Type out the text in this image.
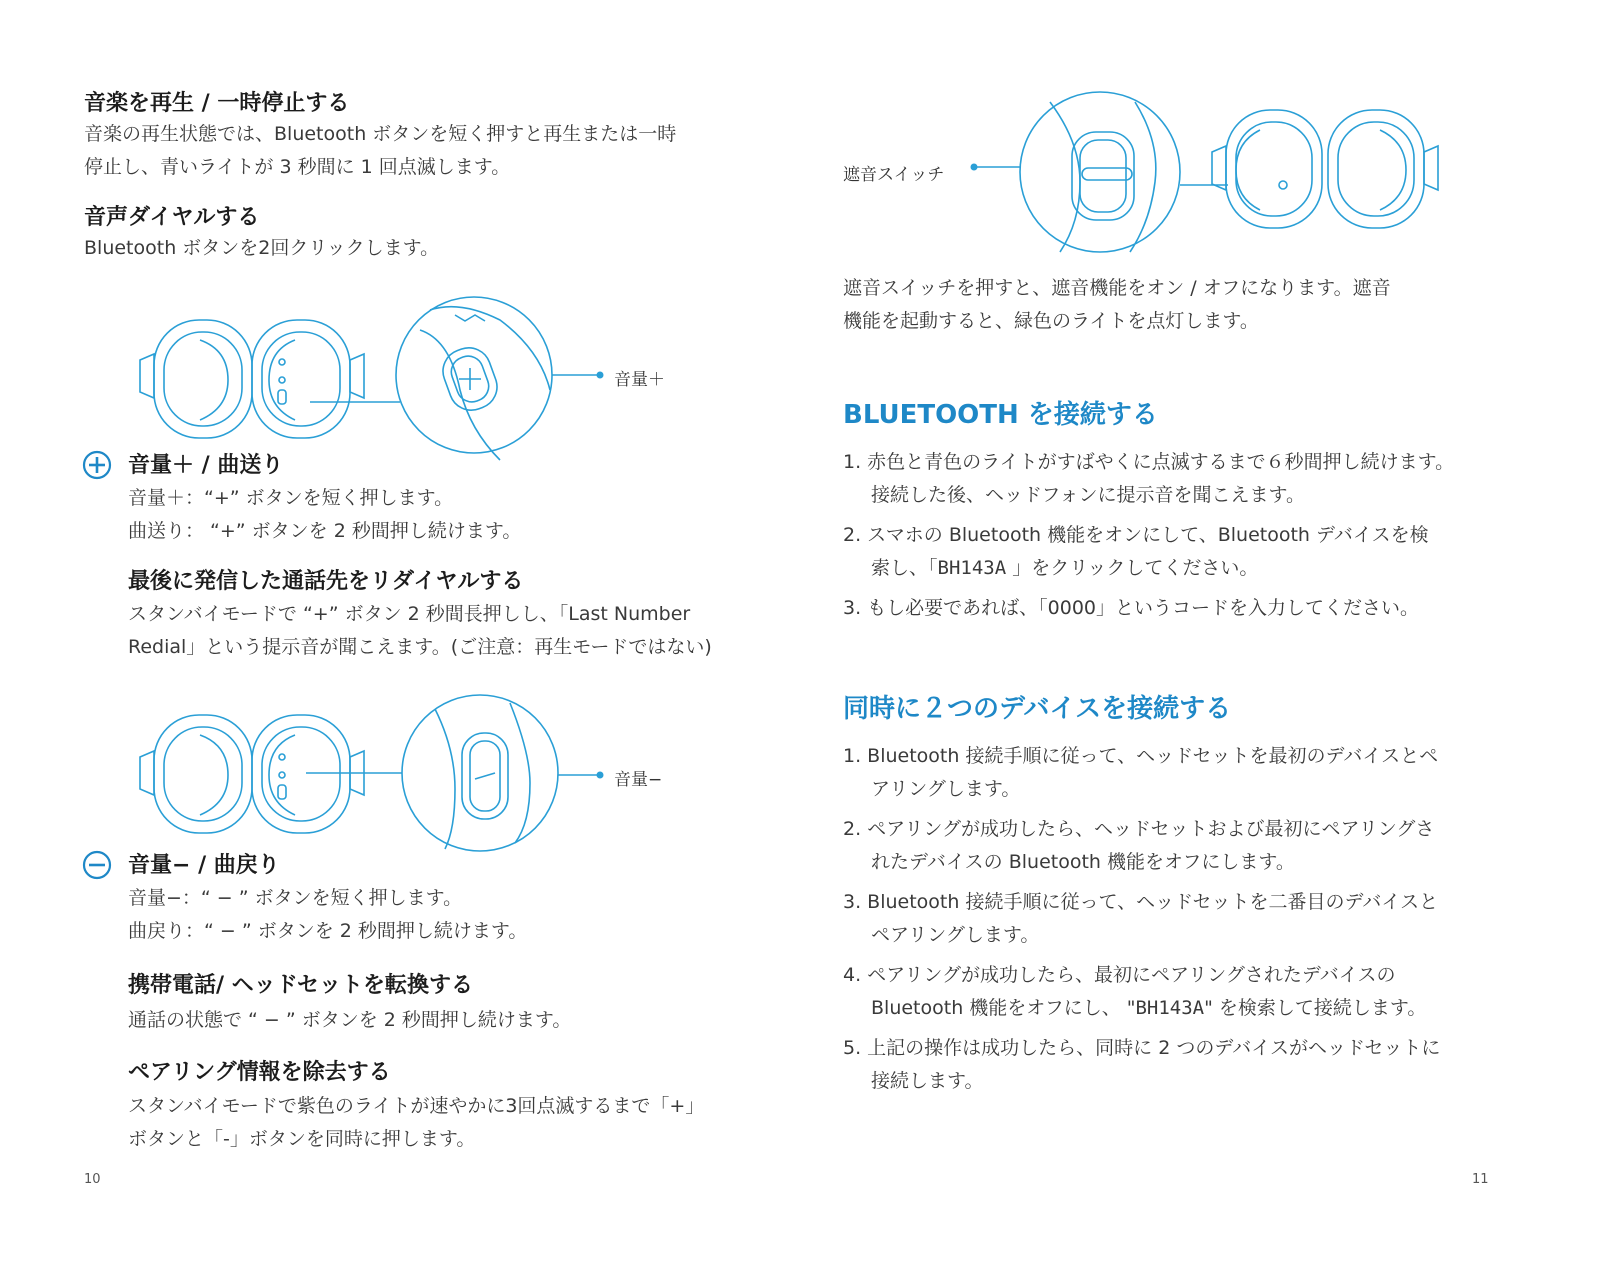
音楽を再生 / 一時停止する
音楽の再生状態では、Bluetooth ボタンを短く押すと再生または一時
停止し、青いライトが 3 秒間に 1 回点滅します。
音声ダイヤルする
Bluetooth ボタンを2回クリックします。
音量＋
音量＋ / 曲送り
音量＋：“+” ボタンを短く押します。
曲送り： “+” ボタンを 2 秒間押し続けます。
最後に発信した通話先をリダイヤルする
スタンバイモードで “+” ボタン 2 秒間長押しし、「Last Number
Redial」という提示音が聞こえます。(ご注意：再生モードではない)
音量−
音量− / 曲戻り
音量−：“ − ” ボタンを短く押します。
曲戻り：“ − ” ボタンを 2 秒間押し続けます。
携帯電話/ ヘッドセットを転換する
通話の状態で “ − ” ボタンを 2 秒間押し続けます。
ペアリング情報を除去する
スタンバイモードで紫色のライトが速やかに3回点滅するまで「+」
ボタンと「-」ボタンを同時に押します。
10
遮音スイッチ
遮音スイッチを押すと、遮音機能をオン / オフになります。遮音
機能を起動すると、緑色のライトを点灯します。
BLUETOOTH を接続する

1. 赤色と青色のライトがすばやくに点滅するまで６秒間押し続けます。
接続した後、ヘッドフォンに提示音を聞こえます。

2. スマホの Bluetooth 機能をオンにして、Bluetooth デバイスを検
索し、「BH143A 」をクリックしてください。

3. もし必要であれば、「0000」というコードを入力してください。

同時に２つのデバイスを接続する

1. Bluetooth 接続手順に従って、ヘッドセットを最初のデバイスとペ
アリングします。

2. ペアリングが成功したら、ヘッドセットおよび最初にペアリングさ
れたデバイスの Bluetooth 機能をオフにします。

3. Bluetooth 接続手順に従って、ヘッドセットを二番目のデバイスと
ペアリングします。

4. ペアリングが成功したら、最初にペアリングされたデバイスの
Bluetooth 機能をオフにし、 "BH143A" を検索して接続します。

5. 上記の操作は成功したら、同時に 2 つのデバイスがヘッドセットに
接続します。

11
